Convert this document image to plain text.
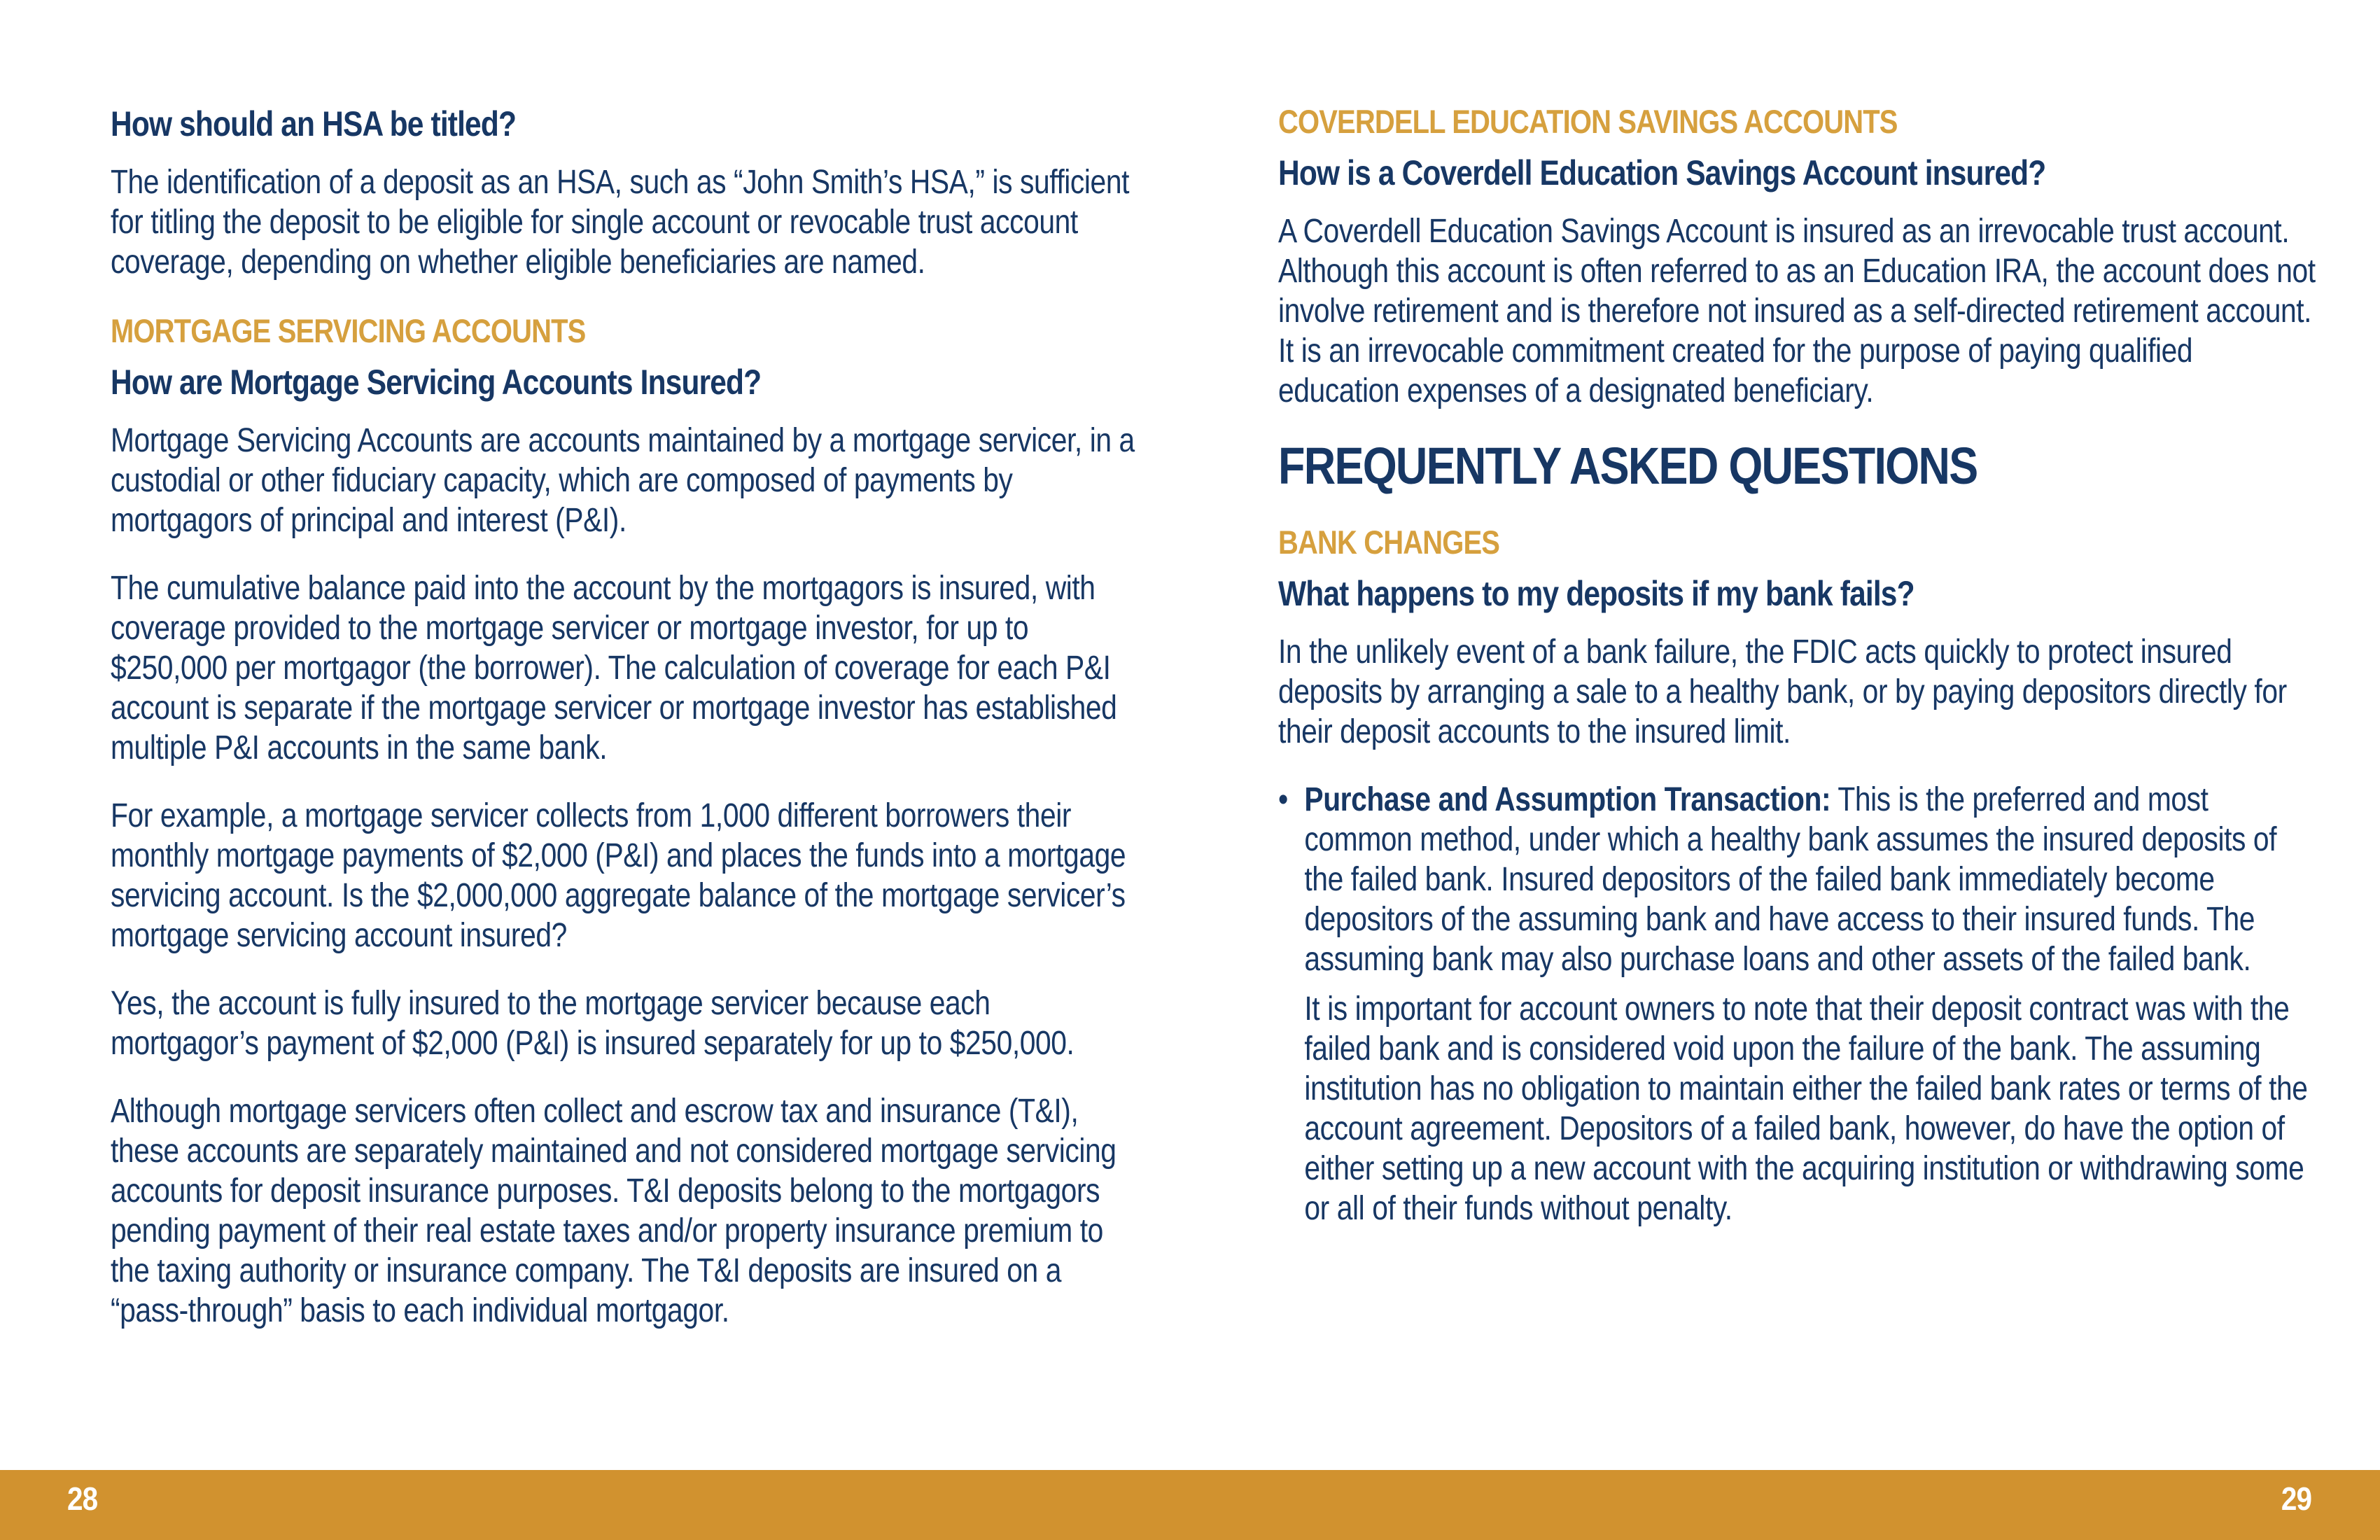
How should an HSA be titled?

The identification of a deposit as an HSA, such as “John Smith’s HSA,” is sufficient for titling the deposit to be eligible for single account or revocable trust account coverage, depending on whether eligible beneficiaries are named.

MORTGAGE SERVICING ACCOUNTS
How are Mortgage Servicing Accounts Insured?

Mortgage Servicing Accounts are accounts maintained by a mortgage servicer, in a custodial or other fiduciary capacity, which are composed of payments by mortgagors of principal and interest (P&I).

The cumulative balance paid into the account by the mortgagors is insured, with coverage provided to the mortgage servicer or mortgage investor, for up to $250,000 per mortgagor (the borrower). The calculation of coverage for each P&I account is separate if the mortgage servicer or mortgage investor has established multiple P&I accounts in the same bank.

For example, a mortgage servicer collects from 1,000 different borrowers their monthly mortgage payments of $2,000 (P&I) and places the funds into a mortgage servicing account. Is the $2,000,000 aggregate balance of the mortgage servicer’s mortgage servicing account insured?

Yes, the account is fully insured to the mortgage servicer because each mortgagor’s payment of $2,000 (P&I) is insured separately for up to $250,000.

Although mortgage servicers often collect and escrow tax and insurance (T&I), these accounts are separately maintained and not considered mortgage servicing accounts for deposit insurance purposes. T&I deposits belong to the mortgagors pending payment of their real estate taxes and/or property insurance premium to the taxing authority or insurance company. The T&I deposits are insured on a “pass-through” basis to each individual mortgagor.

COVERDELL EDUCATION SAVINGS ACCOUNTS
How is a Coverdell Education Savings Account insured?

A Coverdell Education Savings Account is insured as an irrevocable trust account. Although this account is often referred to as an Education IRA, the account does not involve retirement and is therefore not insured as a self-directed retirement account. It is an irrevocable commitment created for the purpose of paying qualified education expenses of a designated beneficiary.

FREQUENTLY ASKED QUESTIONS
BANK CHANGES
What happens to my deposits if my bank fails?

In the unlikely event of a bank failure, the FDIC acts quickly to protect insured deposits by arranging a sale to a healthy bank, or by paying depositors directly for their deposit accounts to the insured limit.

• Purchase and Assumption Transaction: This is the preferred and most common method, under which a healthy bank assumes the insured deposits of the failed bank. Insured depositors of the failed bank immediately become depositors of the assuming bank and have access to their insured funds. The assuming bank may also purchase loans and other assets of the failed bank.

It is important for account owners to note that their deposit contract was with the failed bank and is considered void upon the failure of the bank. The assuming institution has no obligation to maintain either the failed bank rates or terms of the account agreement. Depositors of a failed bank, however, do have the option of either setting up a new account with the acquiring institution or withdrawing some or all of their funds without penalty.

28	29
